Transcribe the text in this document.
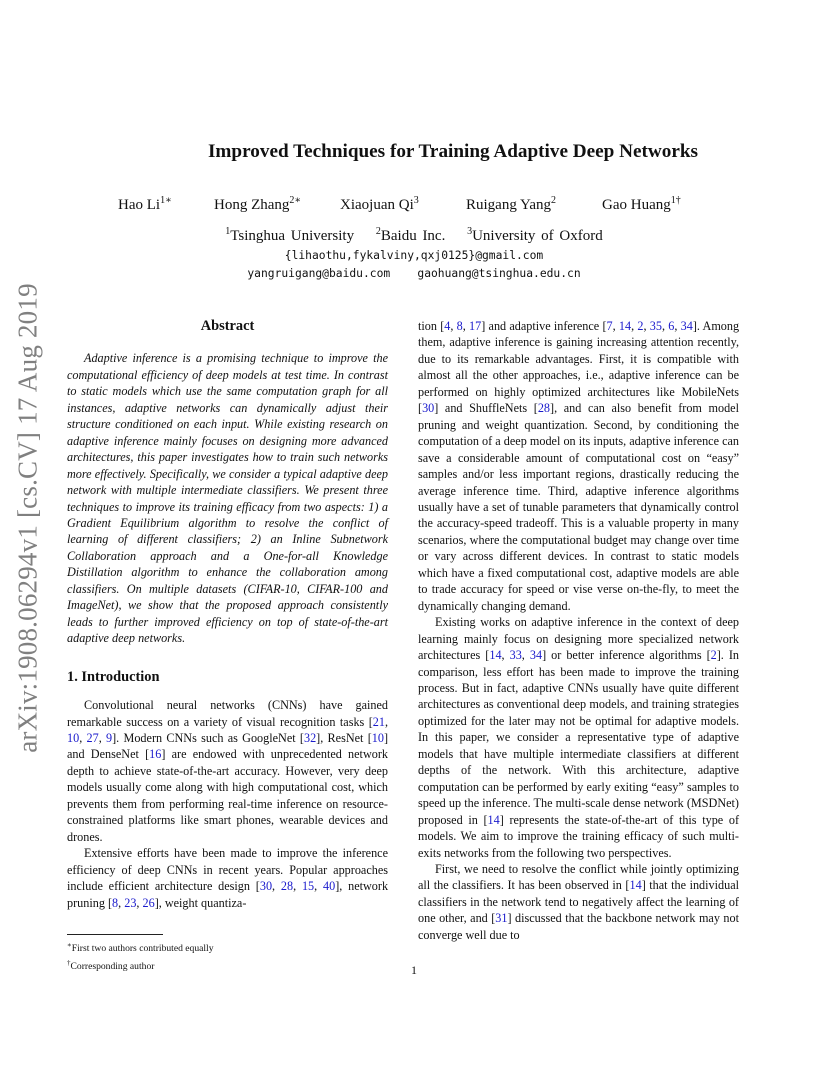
arXiv:1908.06294v1 [cs.CV] 17 Aug 2019
Improved Techniques for Training Adaptive Deep Networks
Hao $Li^{1∗}$	Hong Zhang$^{2∗}$	Xiaojuan Qi$^3$	Ruigang Yang$^2$	Gao Huang$^{1\dagger}$
$^1$Tsinghua University $^2$Baidu Inc. $^3$University of Oxford
{lihaothu,fykalviny,qxj0125}@gmail.com
yangruigang@baidu.com    gaohuang@tsinghua.edu.cn
Abstract

Adaptive inference is a promising technique to improve the computational efficiency of deep models at test time. In contrast to static models which use the same computation graph for all instances, adaptive networks can dynamically adjust their structure conditioned on each input. While existing research on adaptive inference mainly focuses on designing more advanced architectures, this paper investigates how to train such networks more effectively. Specifically, we consider a typical adaptive deep network with multiple intermediate classifiers. We present three techniques to improve its training efficacy from two aspects: 1) a Gradient Equilibrium algorithm to resolve the conflict of learning of different classifiers; 2) an Inline Subnetwork Collaboration approach and a One-for-all Knowledge Distillation algorithm to enhance the collaboration among classifiers. On multiple datasets (CIFAR-10, CIFAR-100 and ImageNet), we show that the proposed approach consistently leads to further improved efficiency on top of state-of-the-art adaptive deep networks.

1. Introduction

Convolutional neural networks (CNNs) have gained remarkable success on a variety of visual recognition tasks [21, 10, 27, 9]. Modern CNNs such as GoogleNet [32], ResNet [10] and DenseNet [16] are endowed with unprecedented network depth to achieve state-of-the-art accuracy. However, very deep models usually come along with high computational cost, which prevents them from performing real-time inference on resource-constrained platforms like smart phones, wearable devices and drones.

Extensive efforts have been made to improve the inference efficiency of deep CNNs in recent years. Popular approaches include efficient architecture design [30, 28, 15, 40], network pruning [8, 23, 26], weight quantiza-

tion [4, 8, 17] and adaptive inference [7, 14, 2, 35, 6, 34]. Among them, adaptive inference is gaining increasing attention recently, due to its remarkable advantages. First, it is compatible with almost all the other approaches, i.e., adaptive inference can be performed on highly optimized architectures like MobileNets [30] and ShuffleNets [28], and can also benefit from model pruning and weight quantization. Second, by conditioning the computation of a deep model on its inputs, adaptive inference can save a considerable amount of computational cost on “easy” samples and/or less important regions, drastically reducing the average inference time. Third, adaptive inference algorithms usually have a set of tunable parameters that dynamically control the accuracy-speed tradeoff. This is a valuable property in many scenarios, where the computational budget may change over time or vary across different devices. In contrast to static models which have a fixed computational cost, adaptive models are able to trade accuracy for speed or vise verse on-the-fly, to meet the dynamically changing demand.

Existing works on adaptive inference in the context of deep learning mainly focus on designing more specialized network architectures [14, 33, 34] or better inference algorithms [2]. In comparison, less effort has been made to improve the training process. But in fact, adaptive CNNs usually have quite different architectures as conventional deep models, and training strategies optimized for the later may not be optimal for adaptive models. In this paper, we consider a representative type of adaptive models that have multiple intermediate classifiers at different depths of the network. With this architecture, adaptive computation can be performed by early exiting “easy” samples to speed up the inference. The multi-scale dense network (MSDNet) proposed in [14] represents the state-of-the-art of this type of models. We aim to improve the training efficacy of such multi-exits networks from the following two perspectives.

First, we need to resolve the conflict while jointly optimizing all the classifiers. It has been observed in [14] that the individual classifiers in the network tend to negatively affect the learning of one other, and [31] discussed that the backbone network may not converge well due to

∗First two authors contributed equally
†Corresponding author	1
